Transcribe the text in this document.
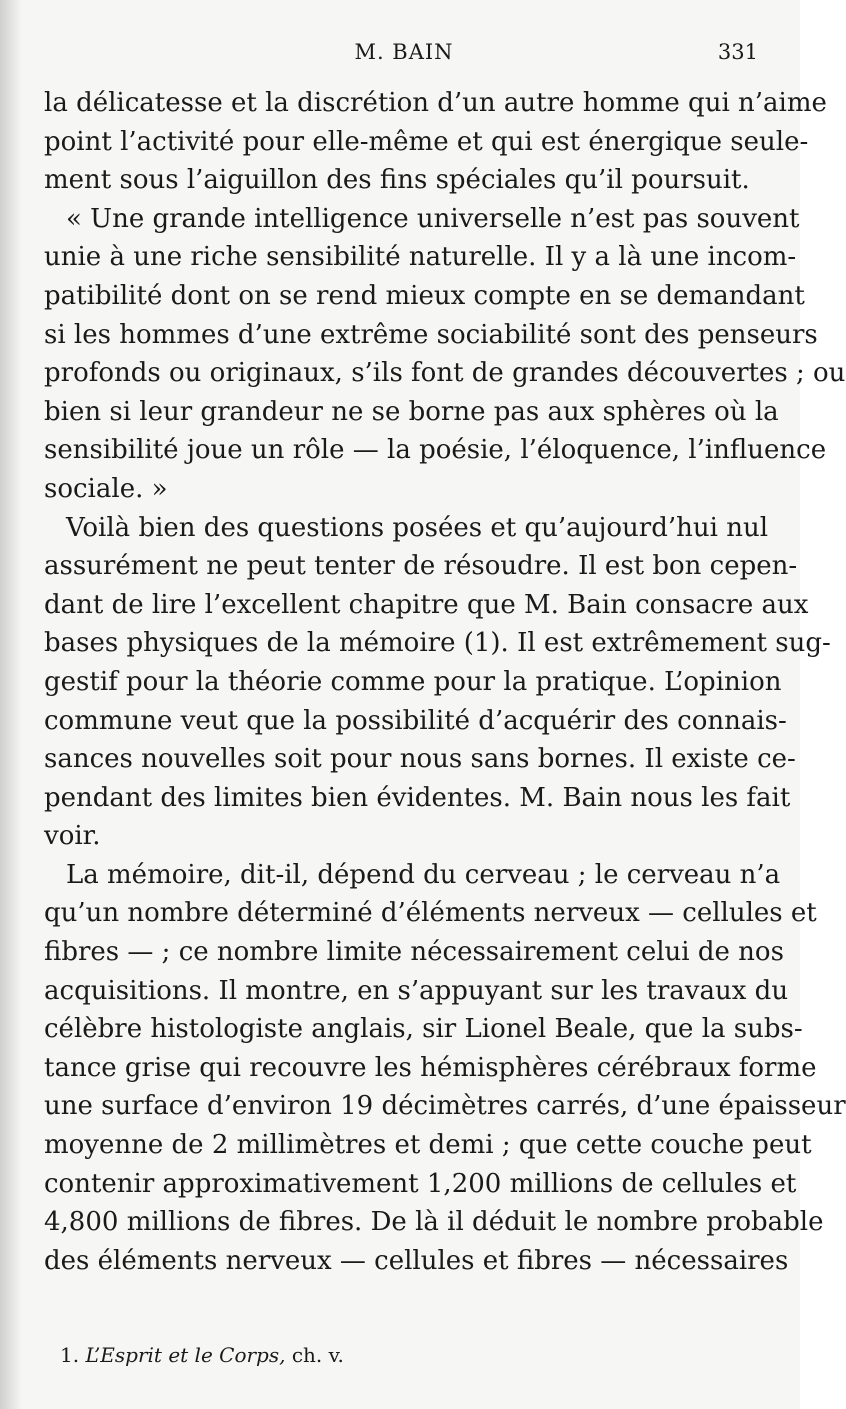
M. BAIN	331
la délicatesse et la discrétion d’un autre homme qui n’aime
point l’activité pour elle-même et qui est énergique seule-
ment sous l’aiguillon des fins spéciales qu’il poursuit.
« Une grande intelligence universelle n’est pas souvent
unie à une riche sensibilité naturelle. Il y a là une incom-
patibilité dont on se rend mieux compte en se demandant
si les hommes d’une extrême sociabilité sont des penseurs
profonds ou originaux, s’ils font de grandes découvertes ; ou
bien si leur grandeur ne se borne pas aux sphères où la
sensibilité joue un rôle — la poésie, l’éloquence, l’influence
sociale. »
Voilà bien des questions posées et qu’aujourd’hui nul
assurément ne peut tenter de résoudre. Il est bon cepen-
dant de lire l’excellent chapitre que M. Bain consacre aux
bases physiques de la mémoire (1). Il est extrêmement sug-
gestif pour la théorie comme pour la pratique. L’opinion
commune veut que la possibilité d’acquérir des connais-
sances nouvelles soit pour nous sans bornes. Il existe ce-
pendant des limites bien évidentes. M. Bain nous les fait
voir.
La mémoire, dit-il, dépend du cerveau ; le cerveau n’a
qu’un nombre déterminé d’éléments nerveux — cellules et
fibres — ; ce nombre limite nécessairement celui de nos
acquisitions. Il montre, en s’appuyant sur les travaux du
célèbre histologiste anglais, sir Lionel Beale, que la subs-
tance grise qui recouvre les hémisphères cérébraux forme
une surface d’environ 19 décimètres carrés, d’une épaisseur
moyenne de 2 millimètres et demi ; que cette couche peut
contenir approximativement 1,200 millions de cellules et
4,800 millions de fibres. De là il déduit le nombre probable
des éléments nerveux — cellules et fibres — nécessaires
1. L’Esprit et le Corps, ch. v.
